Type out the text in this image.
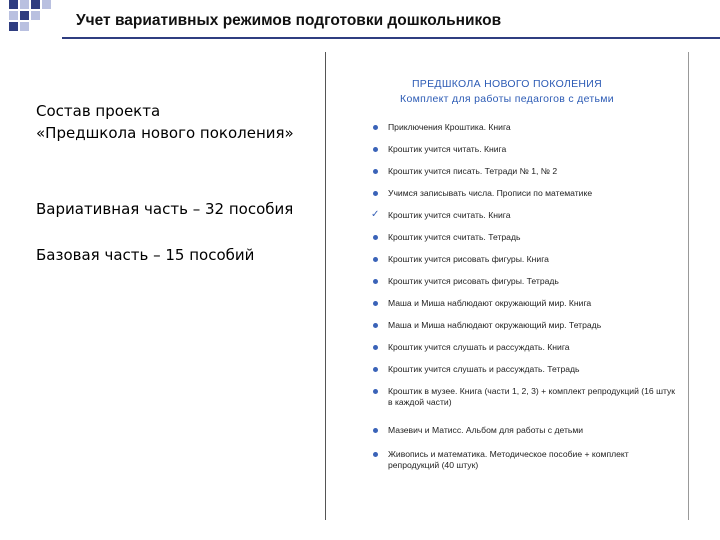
Учет вариативных режимов подготовки дошкольников
Состав проекта
«Предшкола нового поколения»
Вариативная часть – 32 пособия
Базовая часть – 15 пособий
ПРЕДШКОЛА НОВОГО ПОКОЛЕНИЯ
Комплект для работы педагогов с детьми
Приключения Кроштика. Книга
Кроштик учится читать. Книга
Кроштик учится писать. Тетради № 1, № 2
Учимся записывать числа. Прописи по математике
✓ Кроштик учится считать. Книга
Кроштик учится считать. Тетрадь
Кроштик учится рисовать фигуры. Книга
Кроштик учится рисовать фигуры. Тетрадь
Маша и Миша наблюдают окружающий мир. Книга
Маша и Миша наблюдают окружающий мир. Тетрадь
Кроштик учится слушать и рассуждать. Книга
Кроштик учится слушать и рассуждать. Тетрадь
Кроштик в музее. Книга (части 1, 2, 3) + комплект репродукций (16 штук в каждой части)
Мазевич и Матисс. Альбом для работы с детьми
Живопись и математика. Методическое пособие + комплект репродукций (40 штук)
